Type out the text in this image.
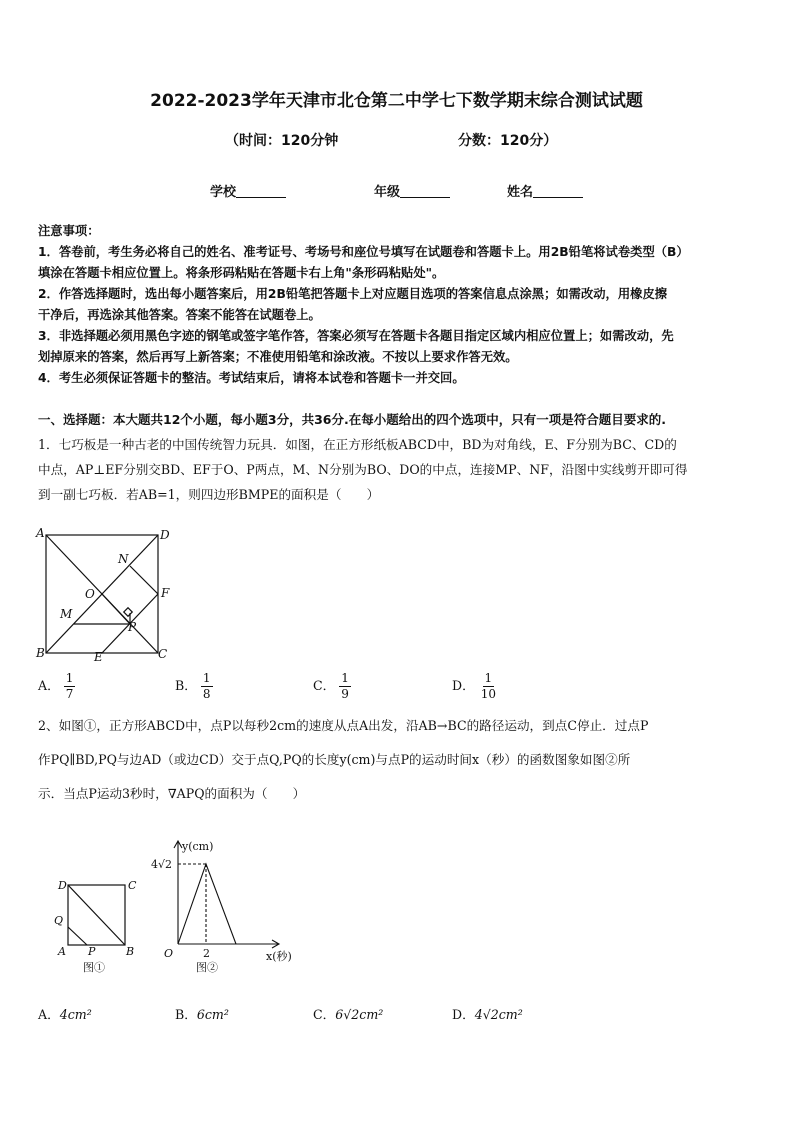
2022-2023学年天津市北仓第二中学七下数学期末综合测试试题
（时间：120分钟	分数：120分）
学校	年级	姓名

注意事项：

1．答卷前，考生务必将自己的姓名、准考证号、考场号和座位号填写在试题卷和答题卡上。用2B铅笔将试卷类型（B）

填涂在答题卡相应位置上。将条形码粘贴在答题卡右上角"条形码粘贴处"。

2．作答选择题时，选出每小题答案后，用2B铅笔把答题卡上对应题目选项的答案信息点涂黑；如需改动，用橡皮擦

干净后，再选涂其他答案。答案不能答在试题卷上。

3．非选择题必须用黑色字迹的钢笔或签字笔作答，答案必须写在答题卡各题目指定区域内相应位置上；如需改动，先

划掉原来的答案，然后再写上新答案；不准使用铅笔和涂改液。不按以上要求作答无效。

4．考生必须保证答题卡的整洁。考试结束后，请将本试卷和答题卡一并交回。

一、选择题：本大题共12个小题，每小题3分，共36分.在每小题给出的四个选项中，只有一项是符合题目要求的.

1．七巧板是一种古老的中国传统智力玩具．如图，在正方形纸板ABCD中，BD为对角线，E、F分别为BC、CD的

中点，AP⊥EF分别交BD、EF于O、P两点，M、N分别为BO、DO的中点，连接MP、NF，沿图中实线剪开即可得

到一副七巧板．若AB=1，则四边形BMPE的面积是（　　）

A	D
N
O	F
M
P
B	E	C
A． $\frac{1}{7}$	B． $\frac{1}{8}$	C． $\frac{1}{9}$	D． $\frac{1}{10}$

2、如图①，正方形ABCD中，点P以每秒2cm的速度从点A出发，沿AB→BC的路径运动，到点C停止．过点P

作PQ∥BD,PQ与边AD（或边CD）交于点Q,PQ的长度y(cm)与点P的运动时间x（秒）的函数图象如图②所

示．当点P运动3秒时，∇APQ的面积为（　　）

D	C
Q
A P	B
图①
y(cm)
4√2
O	2	x(秒)
图②
A．4cm²	B．6cm²	C．6√2cm²	D．4√2cm²
